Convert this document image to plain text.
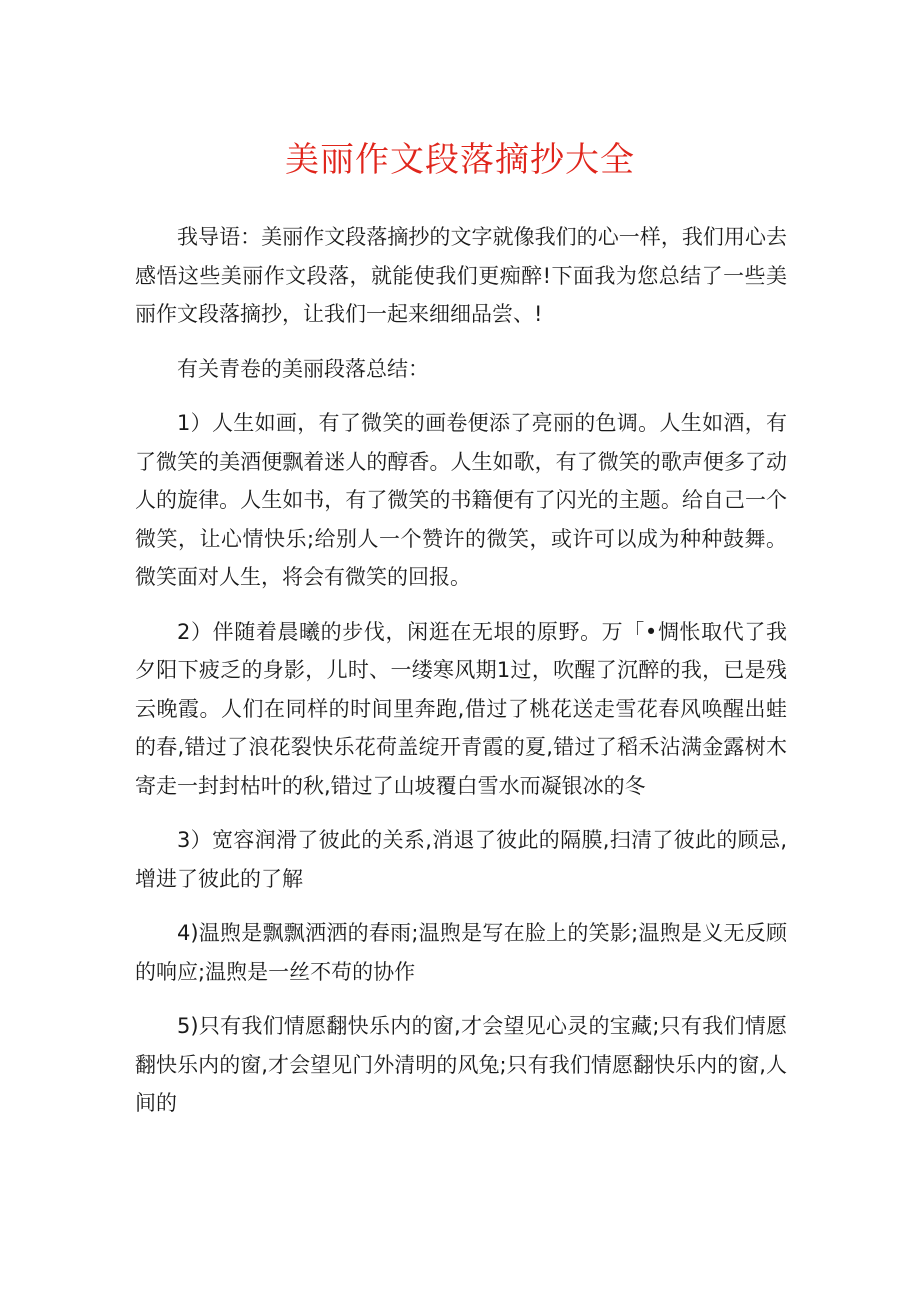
美丽作文段落摘抄大全

我导语：美丽作文段落摘抄的文字就像我们的心一样，我们用心去感悟这些美丽作文段落，就能使我们更痴醉!下面我为您总结了一些美丽作文段落摘抄，让我们一起来细细品尝、!

有关青卷的美丽段落总结：

1）人生如画，有了微笑的画卷便添了亮丽的色调。人生如酒，有了微笑的美酒便飘着迷人的醇香。人生如歌，有了微笑的歌声便多了动人的旋律。人生如书，有了微笑的书籍便有了闪光的主题。给自己一个微笑，让心情快乐;给别人一个赞许的微笑，或许可以成为种种鼓舞。微笑面对人生，将会有微笑的回报。

2）伴随着晨曦的步伐，闲逛在无垠的原野。万「•惆怅取代了我夕阳下疲乏的身影，儿时、一缕寒风期1过，吹醒了沉醉的我，已是残云晚霞。人们在同样的时间里奔跑,借过了桃花送走雪花春风唤醒出蛙的春,错过了浪花裂快乐花荷盖绽开青霞的夏,错过了稻禾沾满金露树木寄走一封封枯叶的秋,错过了山坡覆白雪水而凝银冰的冬

3）宽容润滑了彼此的关系,消退了彼此的隔膜,扫清了彼此的顾忌,增进了彼此的了解

4)温煦是飘飘洒洒的春雨;温煦是写在脸上的笑影;温煦是义无反顾的响应;温煦是一丝不苟的协作

5)只有我们情愿翻快乐内的窗,才会望见心灵的宝藏;只有我们情愿翻快乐内的窗,才会望见门外清明的风兔;只有我们情愿翻快乐内的窗,人间的
